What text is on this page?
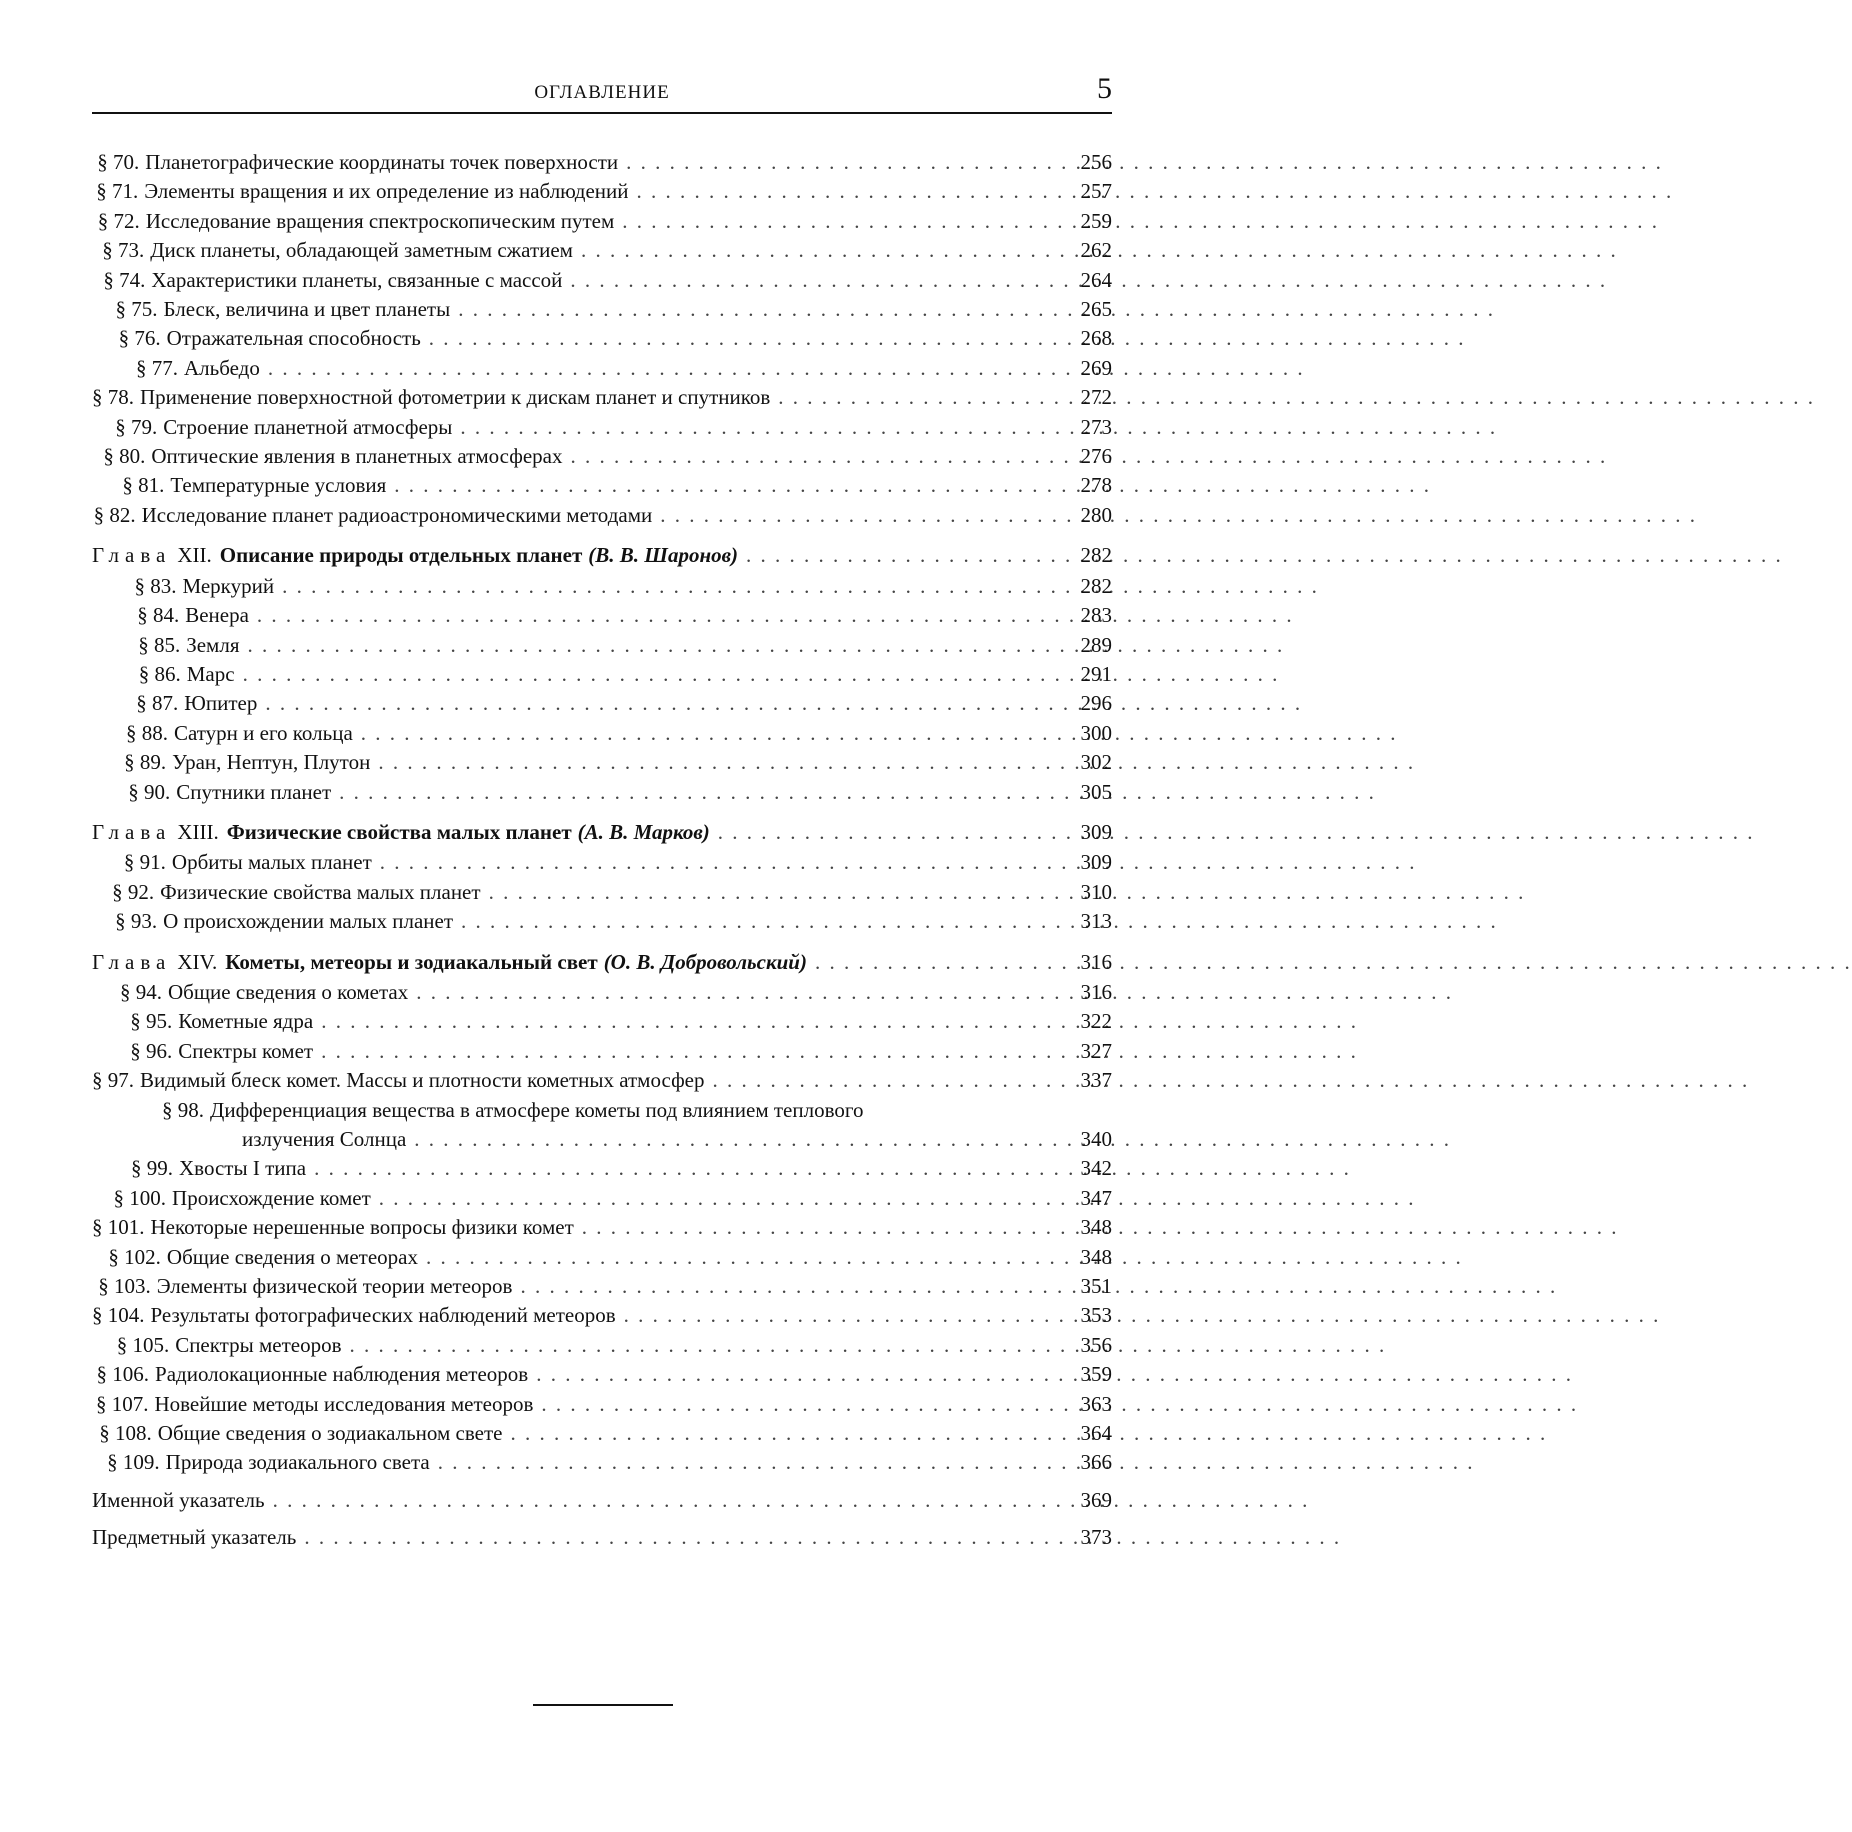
ОГЛАВЛЕНИЕ	5
§ 70. Планетографические координаты точек поверхности . . .	256
§ 71. Элементы вращения и их определение из наблюдений . . .	257
§ 72. Исследование вращения спектроскопическим путем . . .	259
§ 73. Диск планеты, обладающей заметным сжатием . . .	262
§ 74. Характеристики планеты, связанные с массой . . .	264
§ 75. Блеск, величина и цвет планеты . . .	265
§ 76. Отражательная способность . . .	268
§ 77. Альбедо . . .	269
§ 78. Применение поверхностной фотометрии к дискам планет и спутников . . .	272
§ 79. Строение планетной атмосферы . . .	273
§ 80. Оптические явления в планетных атмосферах . . .	276
§ 81. Температурные условия . . .	278
§ 82. Исследование планет радиоастрономическими методами . . .	280
Глава XII. Описание природы отдельных планет (В. В. Шаронов) . . .	282
§ 83. Меркурий . . .	282
§ 84. Венера . . .	283
§ 85. Земля . . .	289
§ 86. Марс . . .	291
§ 87. Юпитер . . .	296
§ 88. Сатурн и его кольца . . .	300
§ 89. Уран, Нептун, Плутон . . .	302
§ 90. Спутники планет . . .	305
Глава XIII. Физические свойства малых планет (А. В. Марков) . . .	309
§ 91. Орбиты малых планет . . .	309
§ 92. Физические свойства малых планет . . .	310
§ 93. О происхождении малых планет . . .	313
Глава XIV. Кометы, метеоры и зодиакальный свет (О. В. Добровольский) . . .	316
§ 94. Общие сведения о кометах . . .	316
§ 95. Кометные ядра . . .	322
§ 96. Спектры комет . . .	327
§ 97. Видимый блеск комет. Массы и плотности кометных атмосфер . . .	337
§ 98. Дифференциация вещества в атмосфере кометы под влиянием теплового
излучения Солнца . . .	340
§ 99. Хвосты I типа . . .	342
§ 100. Происхождение комет . . .	347
§ 101. Некоторые нерешенные вопросы физики комет . . .	348
§ 102. Общие сведения о метеорах . . .	348
§ 103. Элементы физической теории метеоров . . .	351
§ 104. Результаты фотографических наблюдений метеоров . . .	353
§ 105. Спектры метеоров . . .	356
§ 106. Радиолокационные наблюдения метеоров . . .	359
§ 107. Новейшие методы исследования метеоров . . .	363
§ 108. Общие сведения о зодиакальном свете . . .	364
§ 109. Природа зодиакального света . . .	366
Именной указатель . . .	369
Предметный указатель . . .	373
